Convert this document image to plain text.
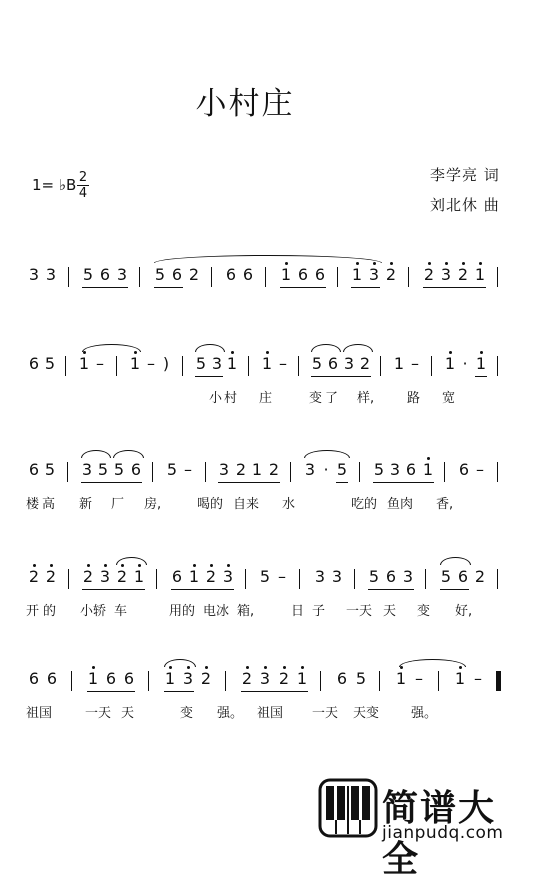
小村庄
1= ♭B 2
4
李学亮 词
刘北休 曲
3 3 5 6 3 5 6 2 6 6 1 6 6 1 3 2 2 3 2 1
6 5 1 – 1 – ) 5 3 1 1 – 5 6 3 2 1 – 1 · 1
小 村 庄	变 了 样,	路 宽
6 5 3 5 5 6 5 – 3 2 1 2 3 · 5 5 3 6 1 6 –
楼 高 新 厂 房,	喝的 自来 水	吃的 鱼肉 香,
2 2 2 3 2 1 6 1 2 3 5 – 3 3 5 6 3 5 6 2
开 的 小轿 车	用的 电冰 箱,	日 子 一天 天 变 好,
6 6 1 6 6 1 3 2 2 3 2 1 6 5 1 – 1 –
祖国	一天 天	变 强。 祖国 一天 天变 强。
简谱大全
jianpudq.com
